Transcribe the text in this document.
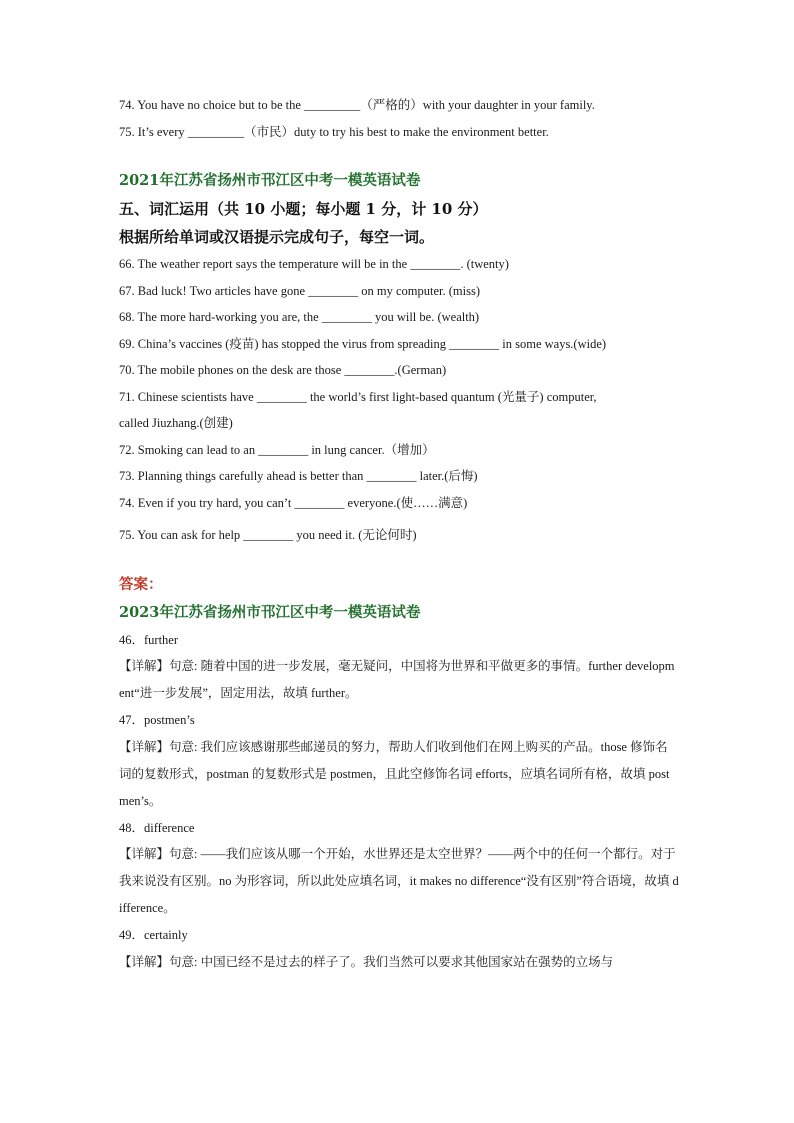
74. You have no choice but to be the _________（严格的）with your daughter in your family.
75. It’s every _________（市民）duty to try his best to make the environment better.
2021年江苏省扬州市邗江区中考一模英语试卷
五、词汇运用（共 10 小题；每小题 1 分，计 10 分）
根据所给单词或汉语提示完成句子，每空一词。
66. The weather report says the temperature will be in the ________. (twenty)
67. Bad luck! Two articles have gone ________ on my computer. (miss)
68. The more hard-working you are, the ________ you will be. (wealth)
69. China’s vaccines (疫苗) has stopped the virus from spreading ________ in some ways.(wide)
70. The mobile phones on the desk are those ________.(German)
71. Chinese scientists have ________ the world’s first light-based quantum (光量子) computer,
called Jiuzhang.(创建)
72. Smoking can lead to an ________ in lung cancer.（增加）
73. Planning things carefully ahead is better than ________ later.(后悔)
74. Even if you try hard, you can’t ________ everyone.(使……满意)
75. You can ask for help ________ you need it. (无论何时)
答案：
2023年江苏省扬州市邗江区中考一模英语试卷
46．further
【详解】句意: 随着中国的进一步发展，毫无疑问，中国将为世界和平做更多的事情。further development“进一步发展”，固定用法，故填 further。
47．postmen’s
【详解】句意: 我们应该感谢那些邮递员的努力，帮助人们收到他们在网上购买的产品。those 修饰名词的复数形式，postman 的复数形式是 postmen，且此空修饰名词 efforts，应填名词所有格，故填 postmen’s。
48．difference
【详解】句意: ——我们应该从哪一个开始，水世界还是太空世界？——两个中的任何一个都行。对于我来说没有区别。no 为形容词，所以此处应填名词，it makes no difference“没有区别”符合语境，故填 difference。
49．certainly
【详解】句意: 中国已经不是过去的样子了。我们当然可以要求其他国家站在强势的立场与
